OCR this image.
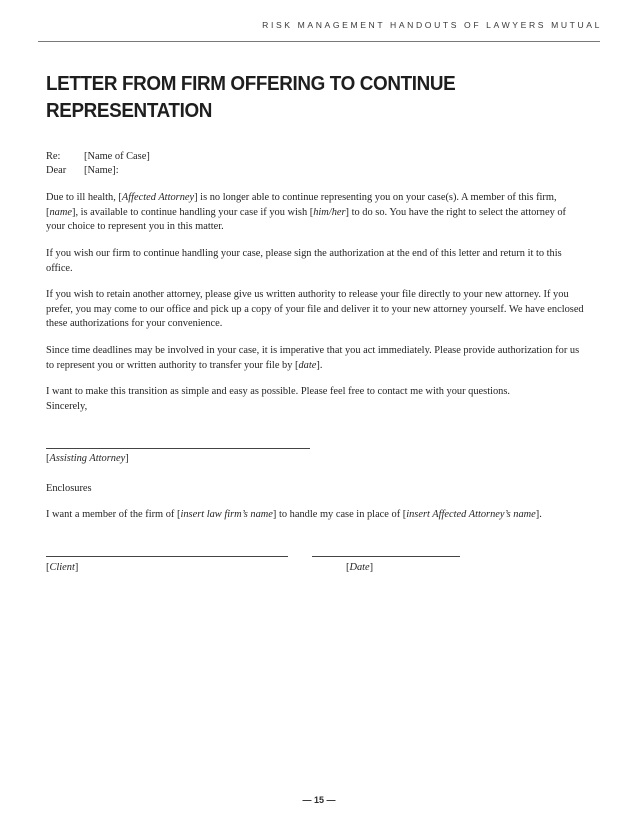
RISK MANAGEMENT HANDOUTS OF LAWYERS MUTUAL
LETTER FROM FIRM OFFERING TO CONTINUE
REPRESENTATION
Re: [Name of Case]
Dear [Name]:
Due to ill health, [Affected Attorney] is no longer able to continue representing you on your case(s). A member of this firm, [name], is available to continue handling your case if you wish [him/her] to do so. You have the right to select the attorney of your choice to represent you in this matter.
If you wish our firm to continue handling your case, please sign the authorization at the end of this letter and return it to this office.
If you wish to retain another attorney, please give us written authority to release your file directly to your new attorney. If you prefer, you may come to our office and pick up a copy of your file and deliver it to your new attorney yourself. We have enclosed these authorizations for your convenience.
Since time deadlines may be involved in your case, it is imperative that you act immediately. Please provide authorization for us to represent you or written authority to transfer your file by [date].
I want to make this transition as simple and easy as possible. Please feel free to contact me with your questions.
Sincerely,
[Assisting Attorney]
Enclosures
I want a member of the firm of [insert law firm’s name] to handle my case in place of [insert Affected Attorney’s name].
[Client]	[Date]
— 15 —
